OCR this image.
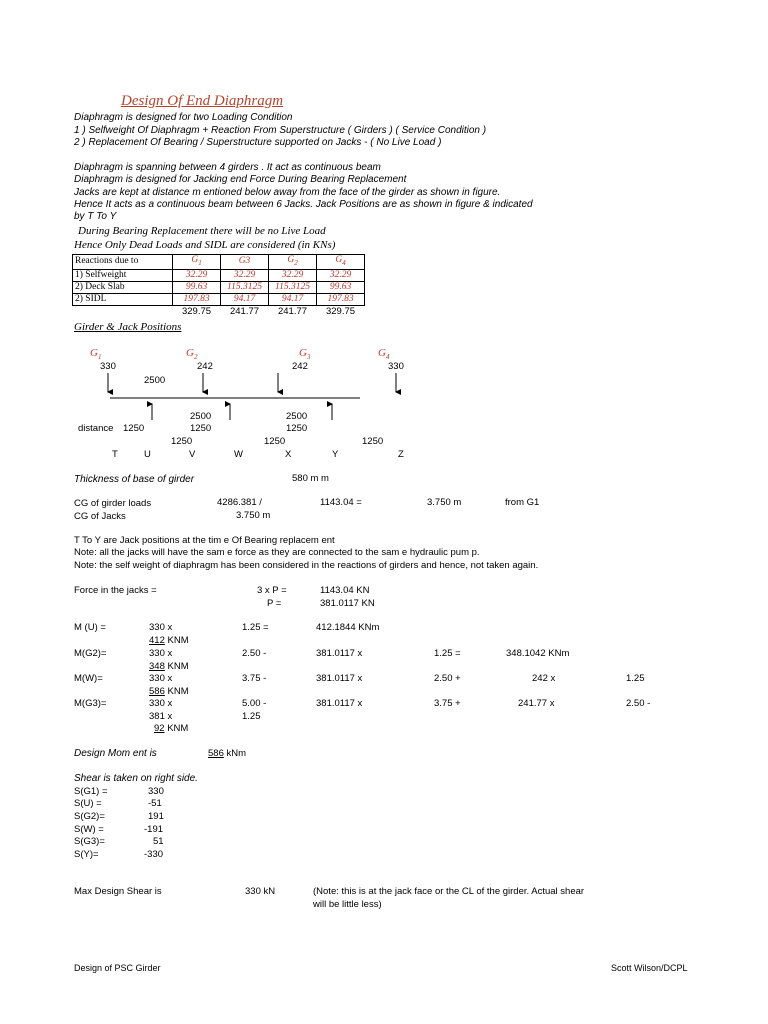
Design Of End Diaphragm
Diaphragm is designed for two Loading Condition
1 ) Selfweight Of Diaphragm + Reaction From Superstructure ( Girders ) ( Service Condition )
2 ) Replacement Of Bearing / Superstructure supported on Jacks - ( No Live Load )
Diaphragm is spanning between 4 girders . It act as continuous beam
Diaphragm is designed for Jacking end Force During Bearing Replacement
Jacks are kept at distance m entioned below away from the face of the girder as shown in figure.
Hence It acts as a continuous beam between 6 Jacks. Jack Positions are as shown in figure & indicated
by T To Y
During Bearing Replacement there will be no Live Load
Hence Only Dead Loads and SIDL are considered (in KNs)
Reactions due to	$G_1$	G3	$G_2$	$G_4$
1) Selfweight	32.29	32.29	32.29	32.29
2) Deck Slab	99.63	115.3125	115.3125	99.63
2) SIDL	197.83	94.17	94.17	197.83
	329.75	241.77	241.77	329.75
Girder & Jack Positions
$G_1$	$G_2$	$G_3$	$G_4$
330	242	242	330
2500
2500	2500
distance 1250	1250	1250
1250	1250	1250
T	U	V	W	X	Y	Z
Thickness of base of girder	580 m m
CG of girder loads	4286.381 /	1143.04 =	3.750 m	from G1
CG of Jacks	3.750 m
T To Y are Jack positions at the tim e Of Bearing replacem ent
Note: all the jacks will have the sam e force as they are connected to the sam e hydraulic pum p.
Note: the self weight of diaphragm has been considered in the reactions of girders and hence, not taken again.
Force in the jacks =	3 x P =	1143.04 KN
P =	381.0117 KN
M (U) =	330 x	1.25 =	412.1844 KNm
412 KNM
M(G2)=	330 x	2.50 -	381.0117 x	1.25 =	348.1042 KNm
348 KNM
M(W)=	330 x	3.75 -	381.0117 x	2.50 +	242 x	1.25
586 KNM
M(G3)=	330 x	5.00 -	381.0117 x	3.75 +	241.77 x	2.50 -
381 x	1.25
92 KNM
Design Mom ent is	586 kNm
Shear is taken on right side.
S(G1) =	330
S(U) =	-51
S(G2)=	191
S(W) =	-191
S(G3)=	51
S(Y)=	-330
Max Design Shear is	330 kN	(Note: this is at the jack face or the CL of the girder. Actual shear
will be little less)
Design of PSC Girder	Scott Wilson/DCPL
